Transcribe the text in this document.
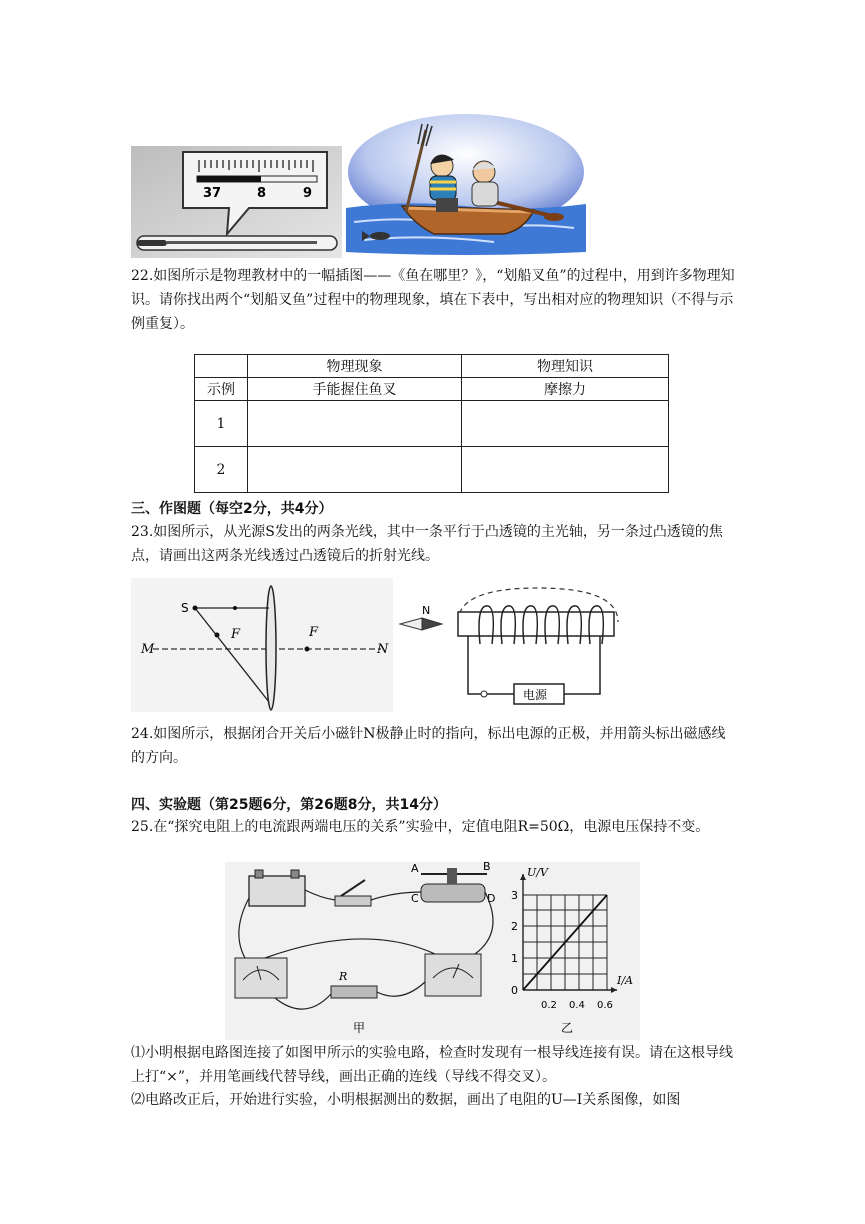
37	8	9
22.如图所示是物理教材中的一幅插图——《鱼在哪里？》，“划船叉鱼”的过程中，用到许多物理知识。请你找出两个“划船叉鱼”过程中的物理现象，填在下表中，写出相对应的物理知识（不得与示例重复）。
	物理现象	物理知识
示例	手能握住鱼叉	摩擦力
1		
2		
三、作图题（每空2分，共4分）
23.如图所示，从光源S发出的两条光线，其中一条平行于凸透镜的主光轴，另一条过凸透镜的焦点，请画出这两条光线透过凸透镜后的折射光线。
M	N
S
F	F
N
电源
24.如图所示，根据闭合开关后小磁针N极静止时的指向，标出电源的正极，并用箭头标出磁感线的方向。
四、实验题（第25题6分，第26题8分，共14分）
25.在“探究电阻上的电流跟两端电压的关系”实验中，定值电阻R=50Ω，电源电压保持不变。
A	B
C	D
R
甲
U/V
I/A
3
2
1
0
0.2 0.4 0.6
乙
⑴小明根据电路图连接了如图甲所示的实验电路，检查时发现有一根导线连接有误。请在这根导线上打“×”，并用笔画线代替导线，画出正确的连线（导线不得交叉）。
⑵电路改正后，开始进行实验，小明根据测出的数据，画出了电阻的U—I关系图像，如图
